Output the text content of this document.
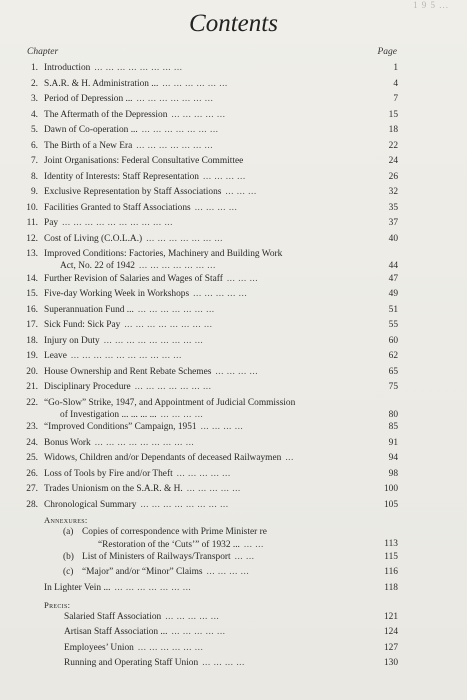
1 9 5 ...
Contents
Chapter	Page
1. Introduction ... ... ... ... ... ... ... ...	1
2. S.A.R. & H. Administration ... ... ... ... ... ... ...	4
3. Period of Depression ... ... ... ... ... ... ... ...	7
4. The Aftermath of the Depression ... ... ... ... ...	15
5. Dawn of Co-operation ... ... ... ... ... ... ... ...	18
6. The Birth of a New Era ... ... ... ... ... ... ...	22
7. Joint Organisations: Federal Consultative Committee	24
8. Identity of Interests: Staff Representation ... ... ... ...	26
9. Exclusive Representation by Staff Associations ... ... ...	32
10. Facilities Granted to Staff Associations ... ... ... ...	35
11. Pay ... ... ... ... ... ... ... ... ... ...	37
12. Cost of Living (C.O.L.A.) ... ... ... ... ... ... ...	40
13. Improved Conditions: Factories, Machinery and Building Work
Act, No. 22 of 1942 ... ... ... ... ... ... ...	44
14. Further Revision of Salaries and Wages of Staff ... ... ...	47
15. Five-day Working Week in Workshops ... ... ... ... ...	49
16. Superannuation Fund ... ... ... ... ... ... ... ...	51
17. Sick Fund: Sick Pay ... ... ... ... ... ... ... ...	55
18. Injury on Duty ... ... ... ... ... ... ... ... ...	60
19. Leave ... ... ... ... ... ... ... ... ... ...	62
20. House Ownership and Rent Rebate Schemes ... ... ... ...	65
21. Disciplinary Procedure ... ... ... ... ... ... ...	75
22. “Go-Slow” Strike, 1947, and Appointment of Judicial Commission
of Investigation ... ... ... ... ... ... ... ...	80
23. “Improved Conditions” Campaign, 1951 ... ... ... ...	85
24. Bonus Work ... ... ... ... ... ... ... ... ...	91
25. Widows, Children and/or Dependants of deceased Railwaymen ...	94
26. Loss of Tools by Fire and/or Theft ... ... ... ... ...	98
27. Trades Unionism on the S.A.R. & H. ... ... ... ... ...	100
28. Chronological Summary ... ... ... ... ... ... ... ...	105
Annexures:
(a) Copies of correspondence with Prime Minister re
“Restoration of the ‘Cuts’” of 1932 ... ... ...	113
(b) List of Ministers of Railways/Transport ... ...	115
(c) “Major” and/or “Minor” Claims ... ... ... ...	116
In Lighter Vein ... ... ... ... ... ... ... ...	118
Precis:
Salaried Staff Association ... ... ... ... ...	121
Artisan Staff Association ... ... ... ... ... ...	124
Employees’ Union ... ... ... ... ... ...	127
Running and Operating Staff Union ... ... ... ...	130
